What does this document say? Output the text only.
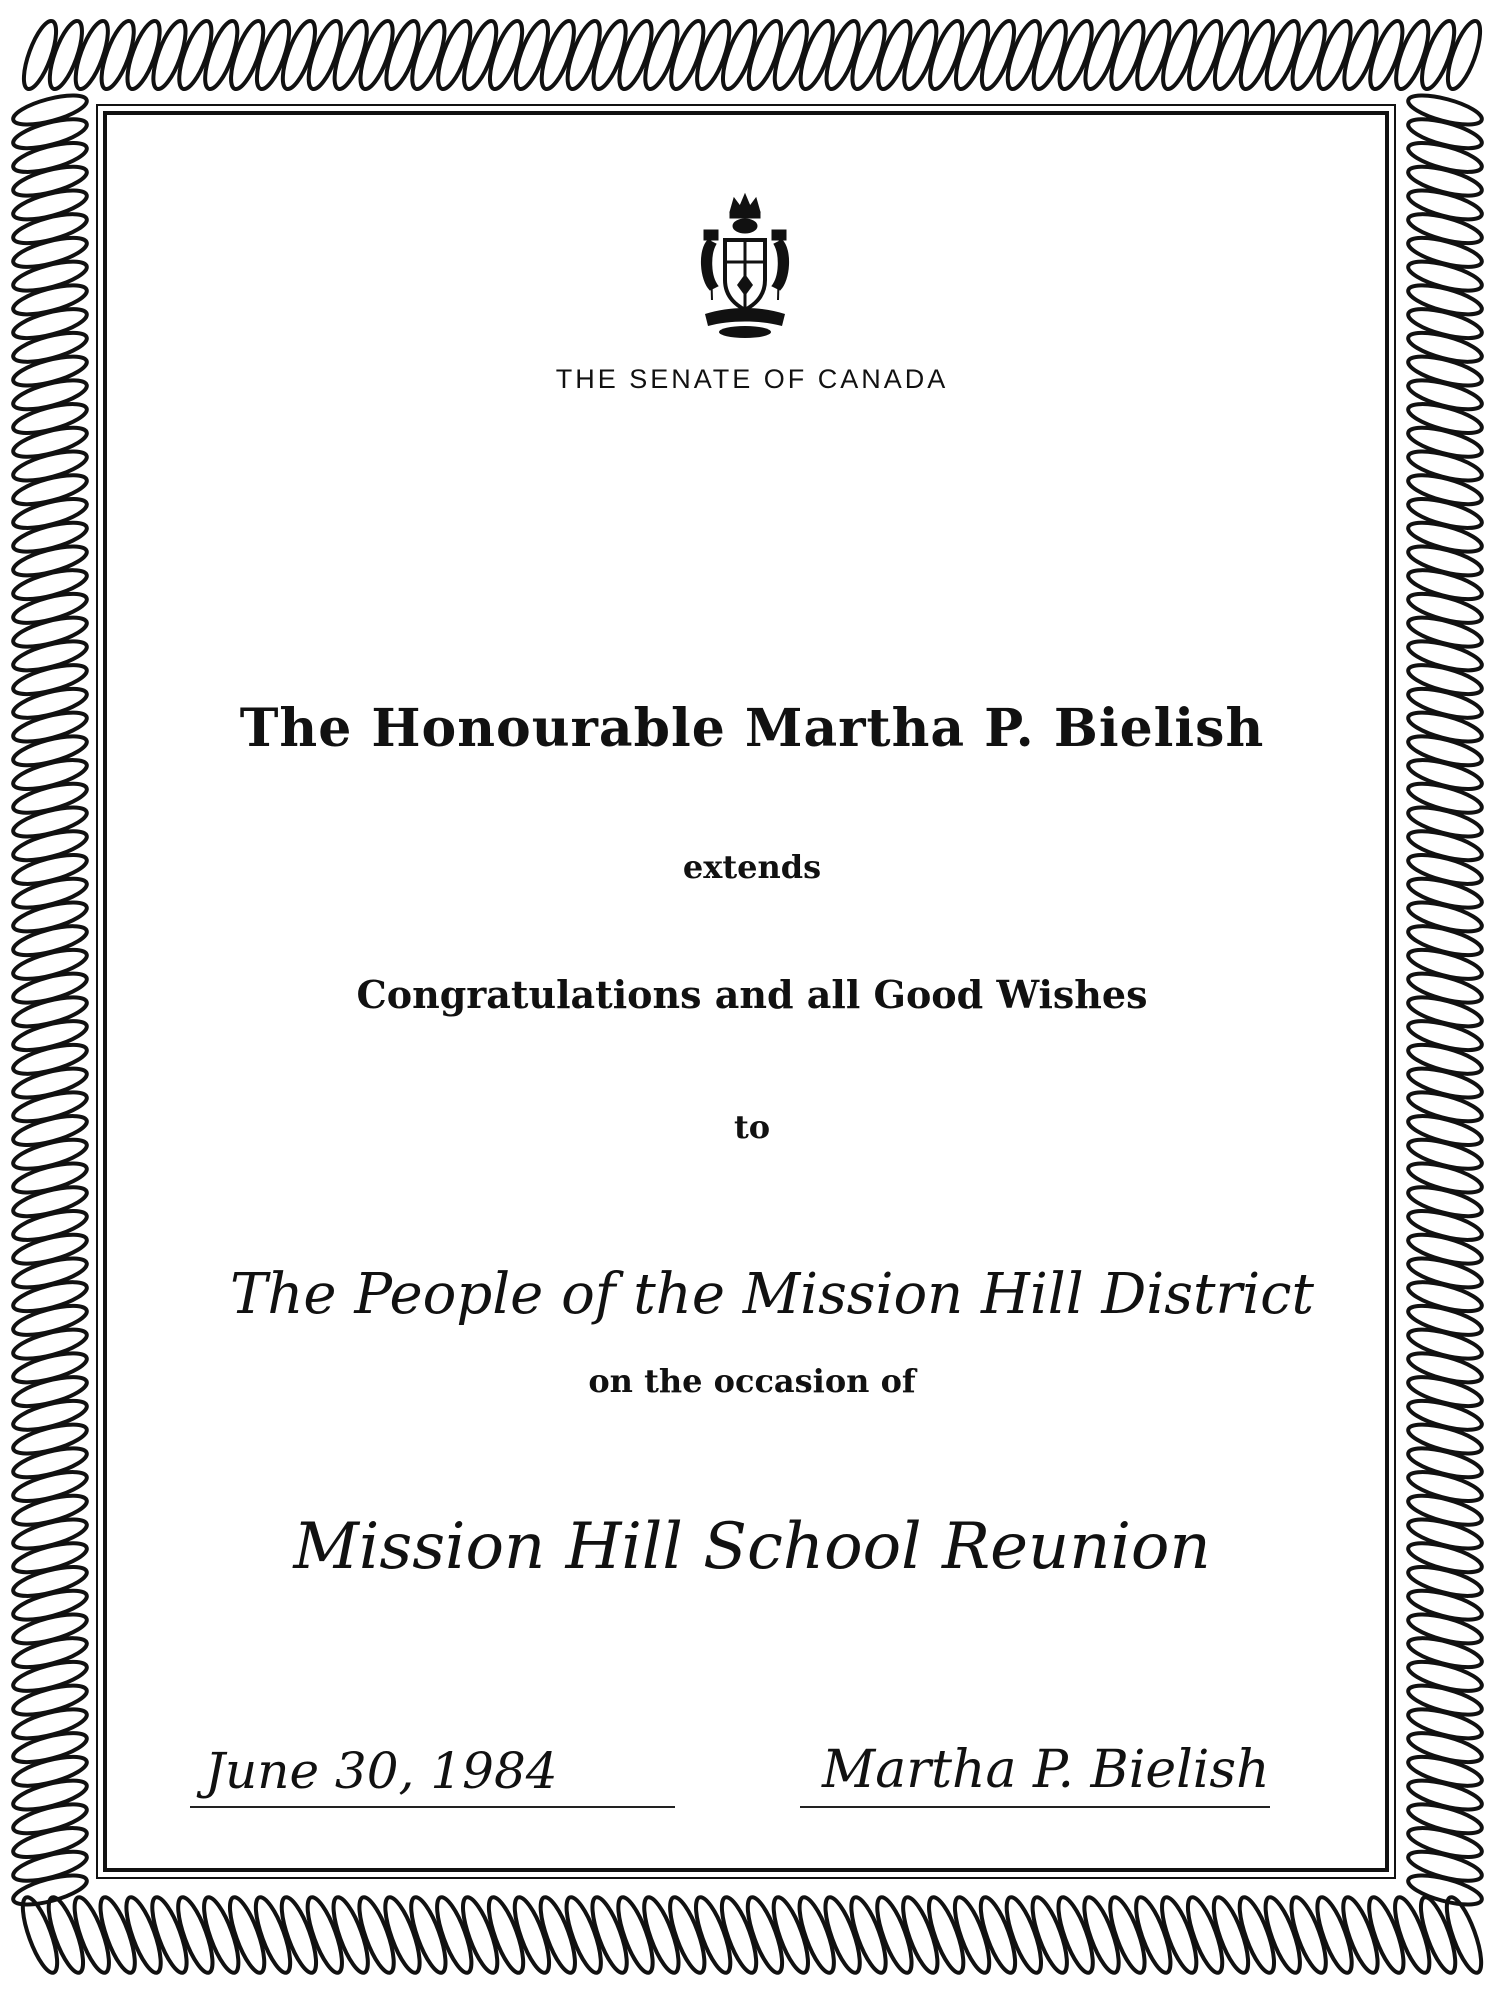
THE SENATE OF CANADA
The Honourable Martha P. Bielish
extends
Congratulations and all Good Wishes
to
The People of the Mission Hill District
on the occasion of
Mission Hill School Reunion
June 30, 1984	Martha P. Bielish
